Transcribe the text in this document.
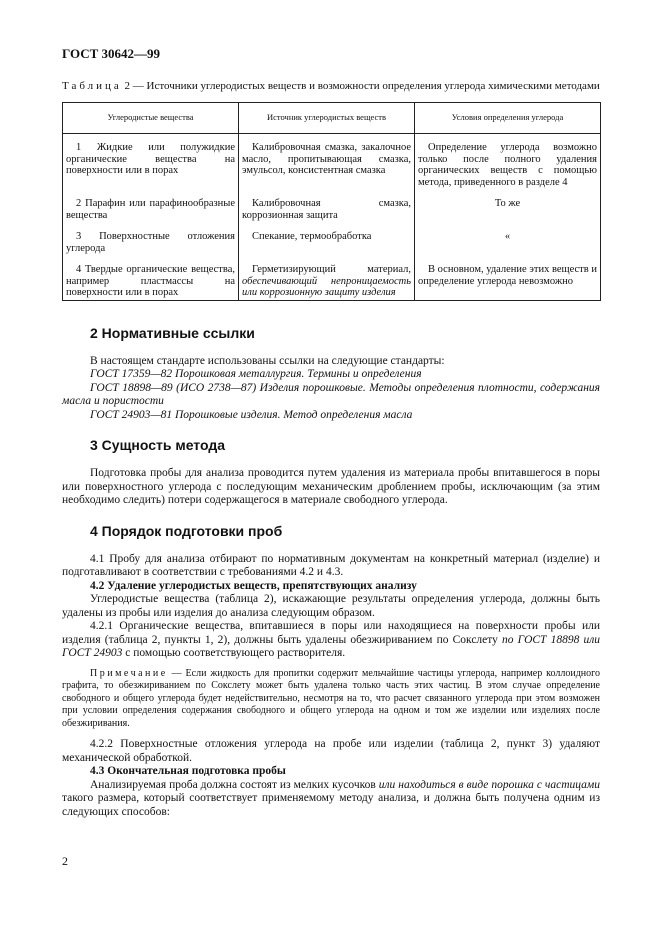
ГОСТ 30642—99

Таблица 2 — Источники углеродистых веществ и возможности определения углерода химическими методами

Углеродистые вещества	Источник углеродистых веществ	Условия определения углерода
1 Жидкие или полужидкие органические вещества на поверхности или в порах	Калибровочная смазка, закалочное масло, пропитывающая смазка, эмульсол, консистентная смазка	Определение углерода возможно только после полного удаления органических веществ с помощью метода, приведенного в разделе 4
2 Парафин или парафинообразные вещества	Калибровочная смазка, коррозионная защита	То же
3 Поверхностные отложения углерода	Спекание, термообработка	«
4 Твердые органические вещества, например пластмассы на поверхности или в порах	Герметизирующий материал, обеспечивающий непроницаемость или коррозионную защиту изделия	В основном, удаление этих веществ и определение углерода невозможно
2 Нормативные ссылки

В настоящем стандарте использованы ссылки на следующие стандарты:

ГОСТ 17359—82 Порошковая металлургия. Термины и определения

ГОСТ 18898—89 (ИСО 2738—87) Изделия порошковые. Методы определения плотности, содержания масла и пористости

ГОСТ 24903—81 Порошковые изделия. Метод определения масла

3 Сущность метода

Подготовка пробы для анализа проводится путем удаления из материала пробы впитавшегося в поры или поверхностного углерода с последующим механическим дроблением пробы, исключающим (за этим необходимо следить) потери содержащегося в материале свободного углерода.

4 Порядок подготовки проб

4.1 Пробу для анализа отбирают по нормативным документам на конкретный материал (изделие) и подготавливают в соответствии с требованиями 4.2 и 4.3.

4.2 Удаление углеродистых веществ, препятствующих анализу

Углеродистые вещества (таблица 2), искажающие результаты определения углерода, должны быть удалены из пробы или изделия до анализа следующим образом.

4.2.1 Органические вещества, впитавшиеся в поры или находящиеся на поверхности пробы или изделия (таблица 2, пункты 1, 2), должны быть удалены обезжириванием по Сокслету по ГОСТ 18898 или ГОСТ 24903 с помощью соответствующего растворителя.

Примечание — Если жидкость для пропитки содержит мельчайшие частицы углерода, например коллоидного графита, то обезжириванием по Сокслету может быть удалена только часть этих частиц. В этом случае определение свободного и общего углерода будет недействительно, несмотря на то, что расчет связанного углерода при этом возможен при условии определения содержания свободного и общего углерода на одном и том же изделии или изделиях после обезжиривания.

4.2.2 Поверхностные отложения углерода на пробе или изделии (таблица 2, пункт 3) удаляют механической обработкой.

4.3 Окончательная подготовка пробы

Анализируемая проба должна состоят из мелких кусочков или находиться в виде порошка с частицами такого размера, который соответствует применяемому методу анализа, и должна быть получена одним из следующих способов:

2
